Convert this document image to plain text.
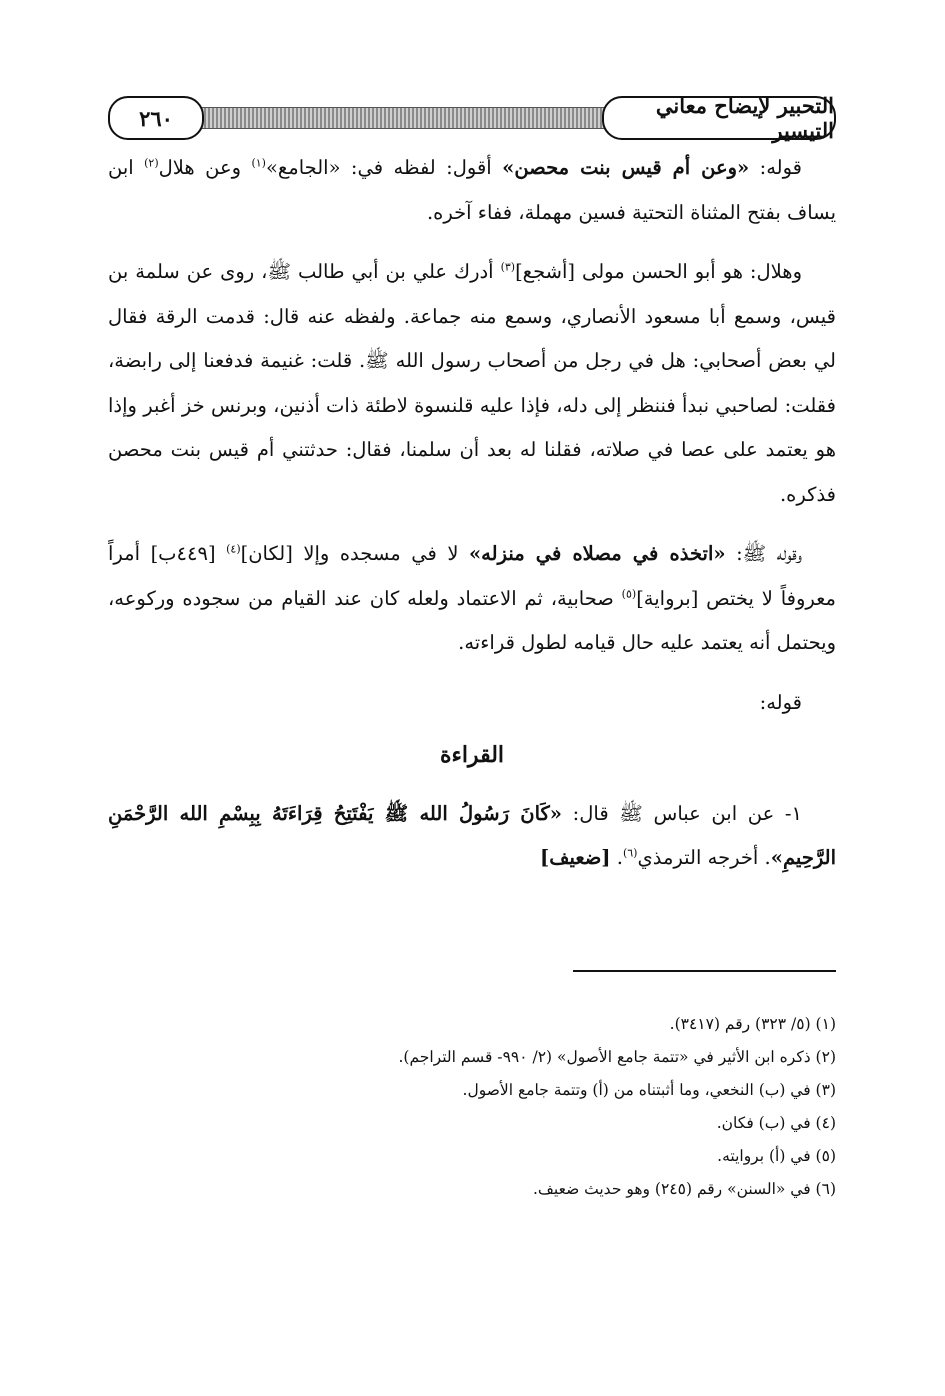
التحبير لإيضاح معاني التيسير
٢٦٠

قوله: «وعن أم قيس بنت محصن» أقول: لفظه في: «الجامع»$^{(١)}$ وعن هلال$^{(٢)}$ ابن يساف بفتح المثناة التحتية فسين مهملة، ففاء آخره.

وهلال: هو أبو الحسن مولى [أشجع]$^{(٣)}$ أدرك علي بن أبي طالب ﷺ، روى عن سلمة بن قيس، وسمع أبا مسعود الأنصاري، وسمع منه جماعة. ولفظه عنه قال: قدمت الرقة فقال لي بعض أصحابي: هل في رجل من أصحاب رسول الله ﷺ. قلت: غنيمة فدفعنا إلى رابضة، فقلت: لصاحبي نبدأ فننظر إلى دله، فإذا عليه قلنسوة لاطئة ذات أذنين، وبرنس خز أغبر وإذا هو يعتمد على عصا في صلاته، فقلنا له بعد أن سلمنا، فقال: حدثتني أم قيس بنت محصن فذكره.

وقوله ﷺ: «اتخذه في مصلاه في منزله» لا في مسجده وإلا [لكان]$^{(٤)}$ [٤٤٩ب] أمراً معروفاً لا يختص [برواية]$^{(٥)}$ صحابية، ثم الاعتماد ولعله كان عند القيام من سجوده وركوعه، ويحتمل أنه يعتمد عليه حال قيامه لطول قراءته.

قوله:

القراءة

١- عن ابن عباس ﷺ قال: «كَانَ رَسُولُ الله ﷺ يَفْتَتِحُ قِرَاءَتَهُ بِبِسْمِ الله الرَّحْمَنِ الرَّحِيمِ». أخرجه الترمذي$^{(٦)}$. [ضعيف]

(١) (٥/ ٣٢٣) رقم (٣٤١٧).
(٢) ذكره ابن الأثير في «تتمة جامع الأصول» (٢/ ٩٩٠- قسم التراجم).
(٣) في (ب) النخعي، وما أثبتناه من (أ) وتتمة جامع الأصول.
(٤) في (ب) فكان.
(٥) في (أ) بروايته.
(٦) في «السنن» رقم (٢٤٥) وهو حديث ضعيف.
